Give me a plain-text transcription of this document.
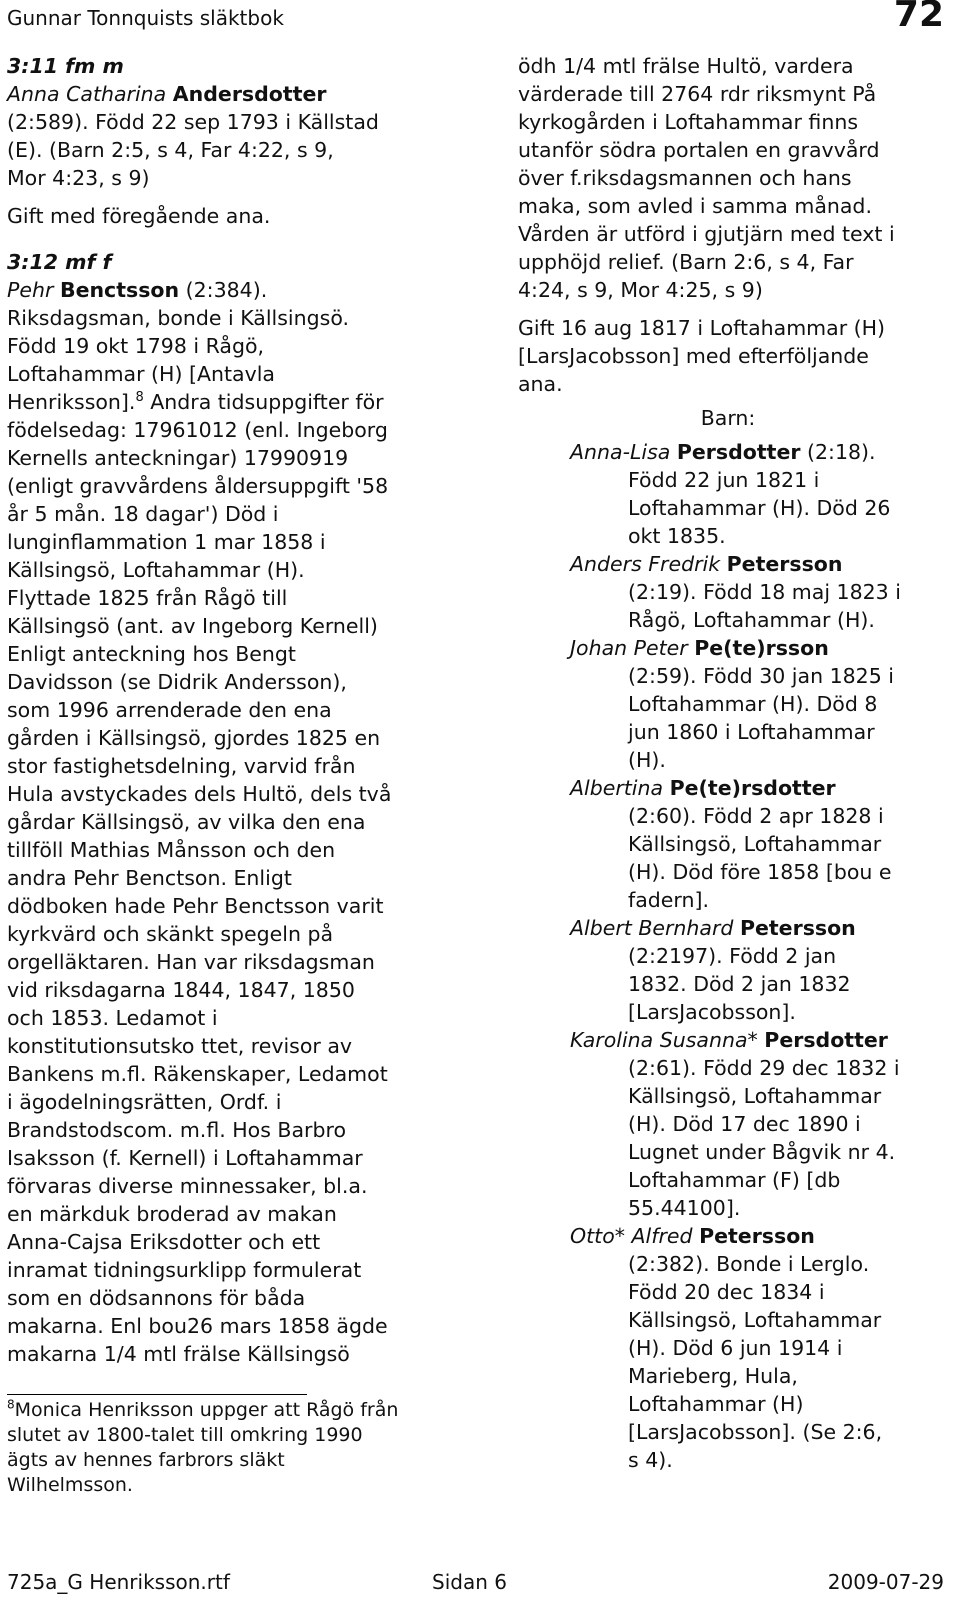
Gunnar Tonnquists släktbok	72

3:11 fm m

Anna Catharina Andersdotter

(2:589). Född 22 sep 1793 i Källstad

(E). (Barn 2:5, s 4, Far 4:22, s 9,

Mor 4:23, s 9)

Gift med föregående ana.

3:12 mf f

Pehr Benctsson (2:384).

Riksdagsman, bonde i Källsingsö.

Född 19 okt 1798 i Rågö,

Loftahammar (H) [Antavla

Henriksson].$^8$ Andra tidsuppgifter för

födelsedag: 17961012 (enl. Ingeborg

Kernells anteckningar) 17990919

(enligt gravvårdens åldersuppgift '58

år 5 mån. 18 dagar') Död i

lunginflammation 1 mar 1858 i

Källsingsö, Loftahammar (H).

Flyttade 1825 från Rågö till

Källsingsö (ant. av Ingeborg Kernell)

Enligt anteckning hos Bengt

Davidsson (se Didrik Andersson),

som 1996 arrenderade den ena

gården i Källsingsö, gjordes 1825 en

stor fastighetsdelning, varvid från

Hula avstyckades dels Hultö, dels två

gårdar Källsingsö, av vilka den ena

tillföll Mathias Månsson och den

andra Pehr Benctson. Enligt

dödboken hade Pehr Benctsson varit

kyrkvärd och skänkt spegeln på

orgelläktaren. Han var riksdagsman

vid riksdagarna 1844, 1847, 1850

och 1853. Ledamot i

konstitutionsutsko ttet, revisor av

Bankens m.fl. Räkenskaper, Ledamot

i ägodelningsrätten, Ordf. i

Brandstodscom. m.fl. Hos Barbro

Isaksson (f. Kernell) i Loftahammar

förvaras diverse minnessaker, bl.a.

en märkduk broderad av makan

Anna-Cajsa Eriksdotter och ett

inramat tidningsurklipp formulerat

som en dödsannons för båda

makarna. Enl bou26 mars 1858 ägde

makarna 1/4 mtl frälse Källsingsö

$^8$Monica Henriksson uppger att Rågö från

slutet av 1800-talet till omkring 1990

ägts av hennes farbrors släkt

Wilhelmsson.

ödh 1/4 mtl frälse Hultö, vardera

värderade till 2764 rdr riksmynt På

kyrkogården i Loftahammar finns

utanför södra portalen en gravvård

över f.riksdagsmannen och hans

maka, som avled i samma månad.

Vården är utförd i gjutjärn med text i

upphöjd relief. (Barn 2:6, s 4, Far

4:24, s 9, Mor 4:25, s 9)

Gift 16 aug 1817 i Loftahammar (H)

[LarsJacobsson] med efterföljande

ana.

Barn:

Anna-Lisa Persdotter (2:18).

Född 22 jun 1821 i

Loftahammar (H). Död 26

okt 1835.

Anders Fredrik Petersson

(2:19). Född 18 maj 1823 i

Rågö, Loftahammar (H).

Johan Peter Pe(te)rsson

(2:59). Född 30 jan 1825 i

Loftahammar (H). Död 8

jun 1860 i Loftahammar

(H).

Albertina Pe(te)rsdotter

(2:60). Född 2 apr 1828 i

Källsingsö, Loftahammar

(H). Död före 1858 [bou e

fadern].

Albert Bernhard Petersson

(2:2197). Född 2 jan

1832. Död 2 jan 1832

[LarsJacobsson].

Karolina Susanna* Persdotter

(2:61). Född 29 dec 1832 i

Källsingsö, Loftahammar

(H). Död 17 dec 1890 i

Lugnet under Bågvik nr 4.

Loftahammar (F) [db

55.44100].

Otto* Alfred Petersson

(2:382). Bonde i Lerglo.

Född 20 dec 1834 i

Källsingsö, Loftahammar

(H). Död 6 jun 1914 i

Marieberg, Hula,

Loftahammar (H)

[LarsJacobsson]. (Se 2:6,

s 4).

725a_G Henriksson.rtf	Sidan 6	2009-07-29
